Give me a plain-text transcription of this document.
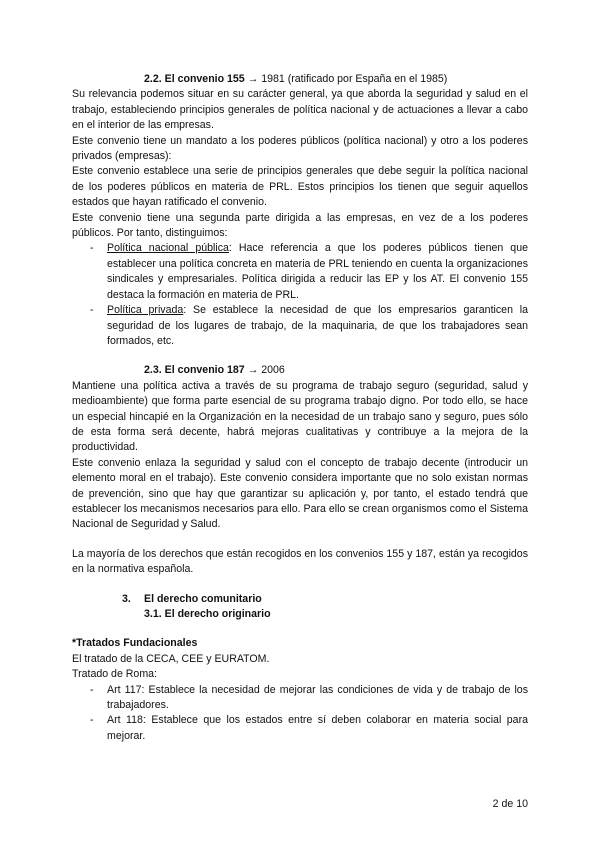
2.2. El convenio 155 → 1981 (ratificado por España en el 1985)

Su relevancia podemos situar en su carácter general, ya que aborda la seguridad y salud en el trabajo, estableciendo principios generales de política nacional y de actuaciones a llevar a cabo en el interior de las empresas.

Este convenio tiene un mandato a los poderes públicos (política nacional) y otro a los poderes privados (empresas):

Este convenio establece una serie de principios generales que debe seguir la política nacional de los poderes públicos en materia de PRL. Estos principios los tienen que seguir aquellos estados que hayan ratificado el convenio.

Este convenio tiene una segunda parte dirigida a las empresas, en vez de a los poderes públicos. Por tanto, distinguimos:

- Política nacional pública: Hace referencia a que los poderes públicos tienen que establecer una política concreta en materia de PRL teniendo en cuenta la organizaciones sindicales y empresariales. Política dirigida a reducir las EP y los AT. El convenio 155 destaca la formación en materia de PRL.
- Política privada: Se establece la necesidad de que los empresarios garanticen la seguridad de los lugares de trabajo, de la maquinaria, de que los trabajadores sean formados, etc.

2.3. El convenio 187 → 2006

Mantiene una política activa a través de su programa de trabajo seguro (seguridad, salud y medioambiente) que forma parte esencial de su programa trabajo digno. Por todo ello, se hace un especial hincapié en la Organización en la necesidad de un trabajo sano y seguro, pues sólo de esta forma será decente, habrá mejoras cualitativas y contribuye a la mejora de la productividad.

Este convenio enlaza la seguridad y salud con el concepto de trabajo decente (introducir un elemento moral en el trabajo). Este convenio considera importante que no solo existan normas de prevención, sino que hay que garantizar su aplicación y, por tanto, el estado tendrá que establecer los mecanismos necesarios para ello. Para ello se crean organismos como el Sistema Nacional de Seguridad y Salud.

La mayoría de los derechos que están recogidos en los convenios 155 y 187, están ya recogidos en la normativa española.

3. El derecho comunitario

3.1. El derecho originario

*Tratados Fundacionales

El tratado de la CECA, CEE y EURATOM.

Tratado de Roma:

- Art 117: Establece la necesidad de mejorar las condiciones de vida y de trabajo de los trabajadores.
- Art 118: Establece que los estados entre sí deben colaborar en materia social para mejorar.
2 de 10
